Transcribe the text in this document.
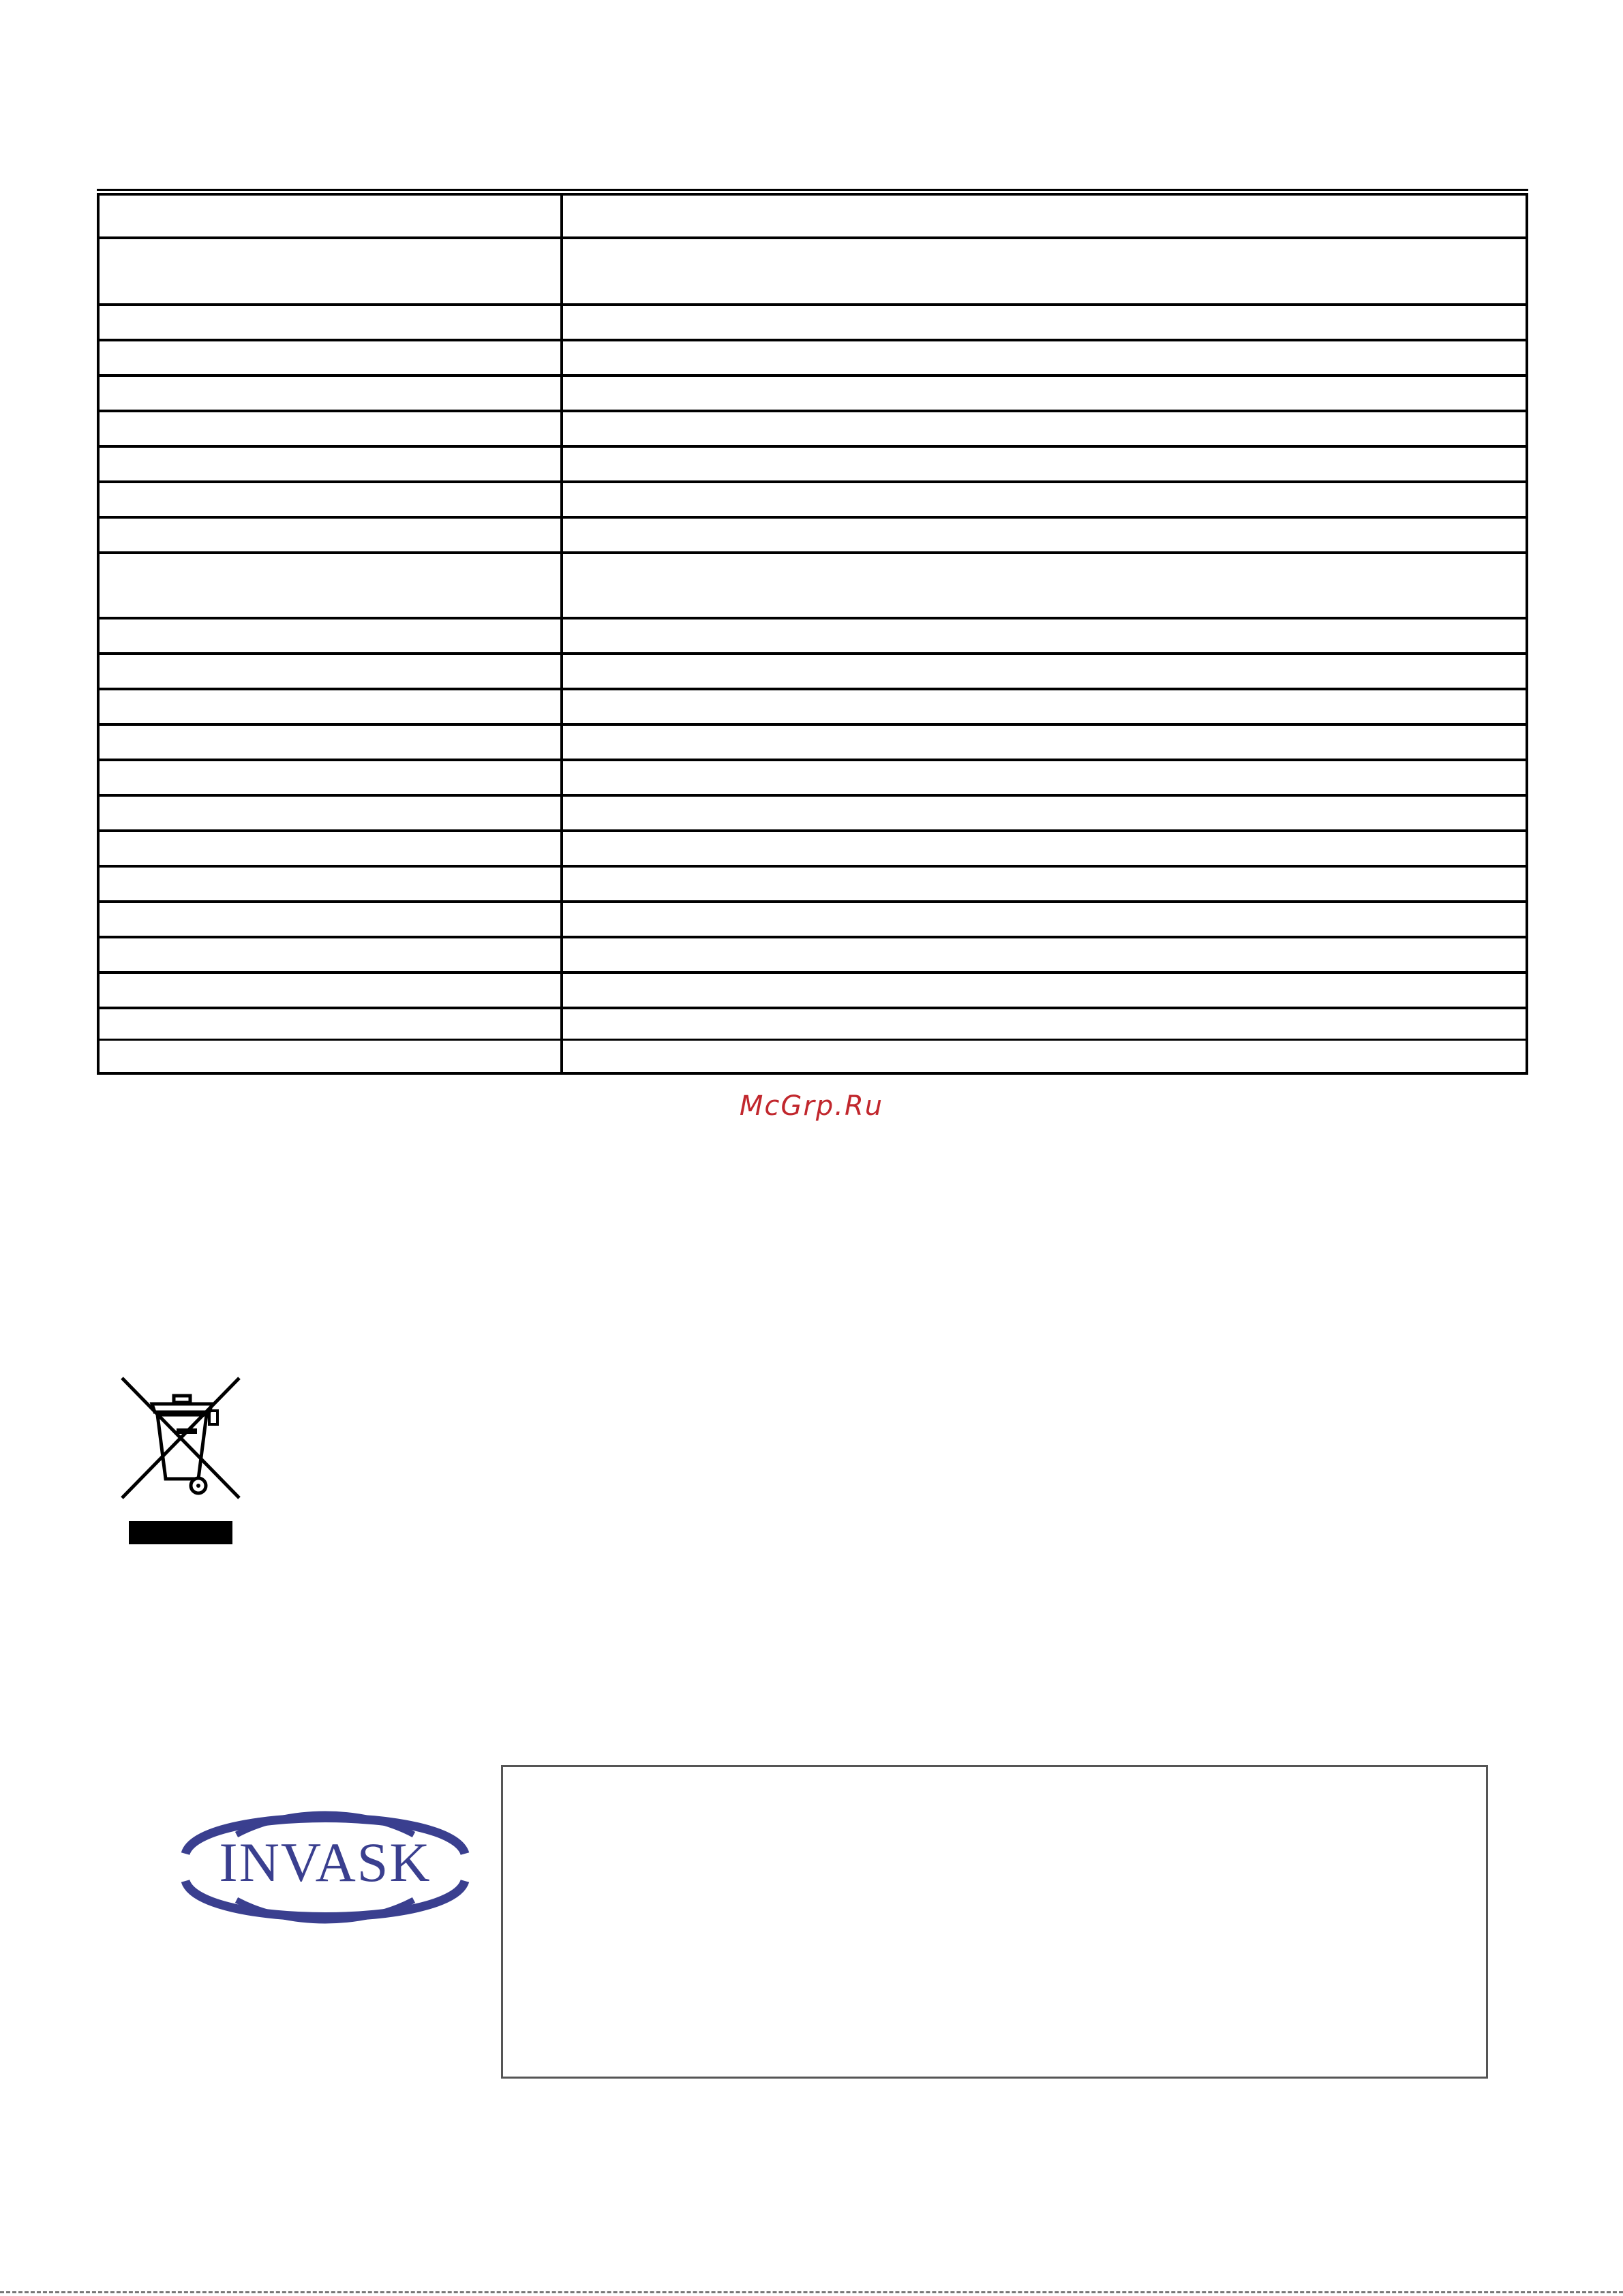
McGrp.Ru
INVASK
